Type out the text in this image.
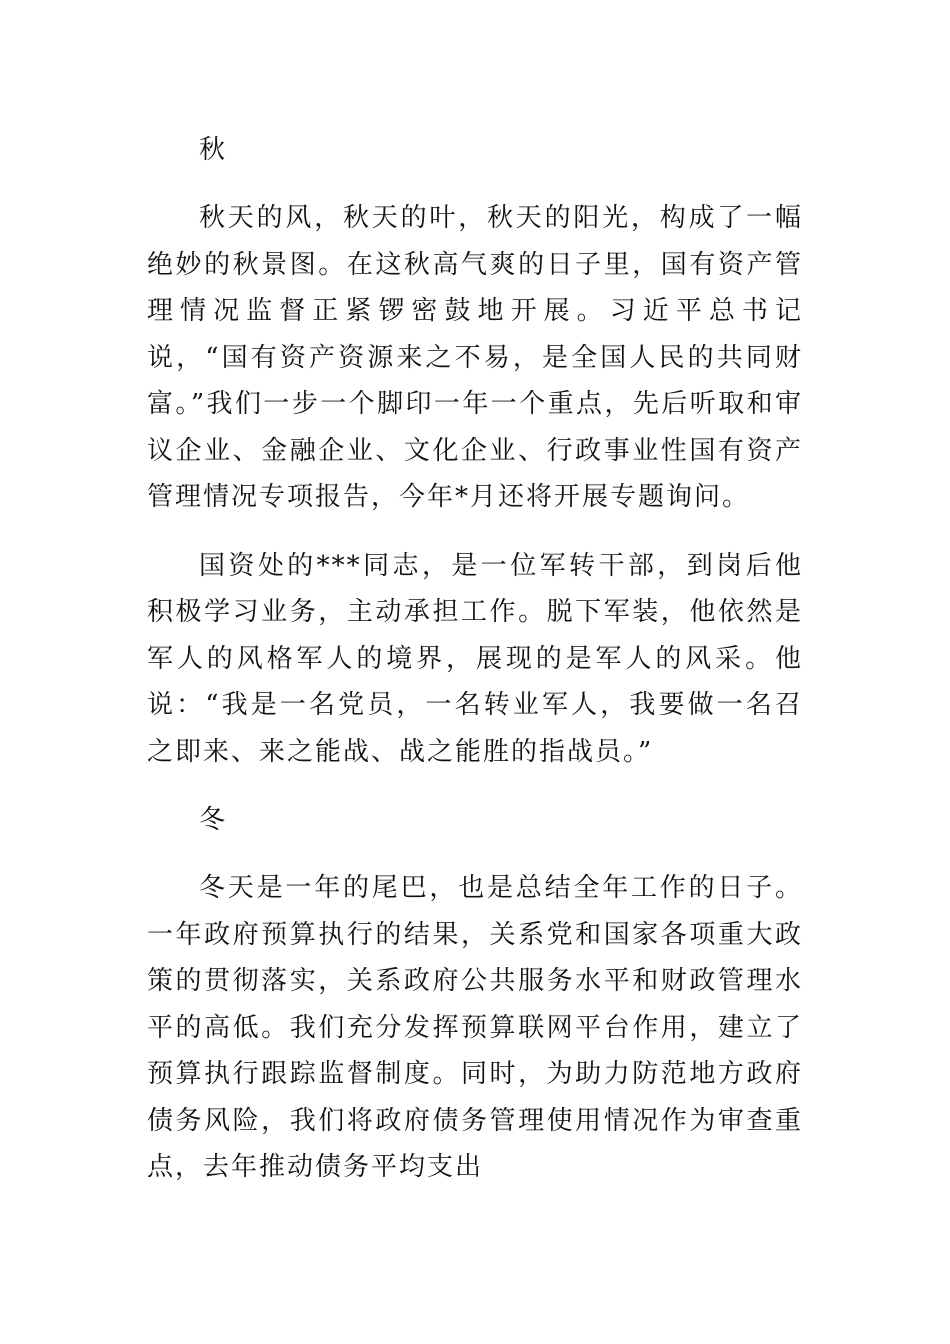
秋

秋天的风，秋天的叶，秋天的阳光，构成了一幅绝妙的秋景图。在这秋高气爽的日子里，国有资产管理情况监督正紧锣密鼓地开展。习近平总书记说，“国有资产资源来之不易，是全国人民的共同财富。”我们一步一个脚印一年一个重点，先后听取和审议企业、金融企业、文化企业、行政事业性国有资产管理情况专项报告，今年*月还将开展专题询问。

国资处的***同志，是一位军转干部，到岗后他积极学习业务，主动承担工作。脱下军装，他依然是军人的风格军人的境界，展现的是军人的风采。他说：“我是一名党员，一名转业军人，我要做一名召之即来、来之能战、战之能胜的指战员。”

冬

冬天是一年的尾巴，也是总结全年工作的日子。一年政府预算执行的结果，关系党和国家各项重大政策的贯彻落实，关系政府公共服务水平和财政管理水平的高低。我们充分发挥预算联网平台作用，建立了预算执行跟踪监督制度。同时，为助力防范地方政府债务风险，我们将政府债务管理使用情况作为审查重点，去年推动债务平均支出
